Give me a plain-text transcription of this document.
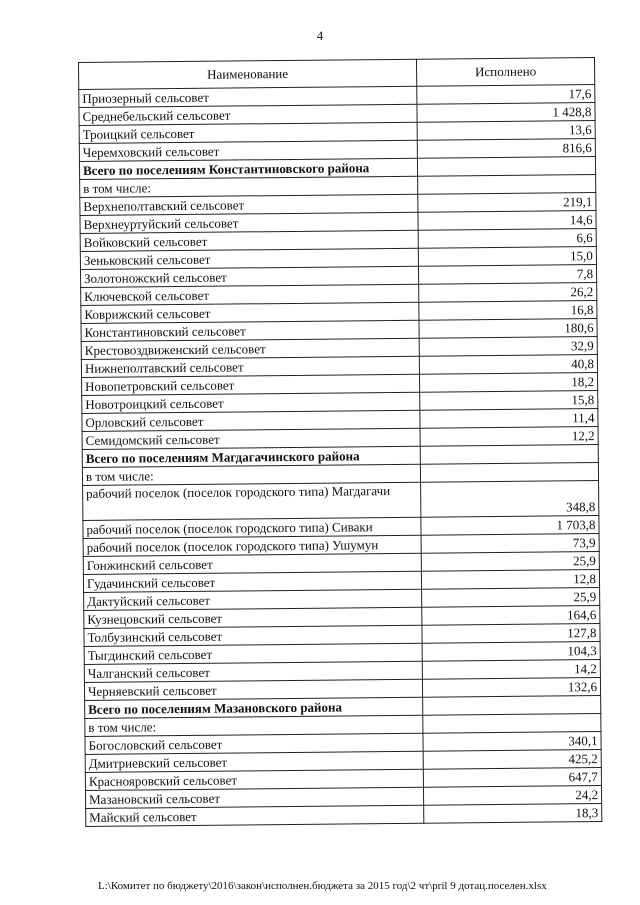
4
Наименование	Исполнено
Приозерный сельсовет	17,6
Среднебельский сельсовет	1 428,8
Троицкий сельсовет	13,6
Черемховский сельсовет	816,6
Всего по поселениям Константиновского района	
в том числе:	
Верхнеполтавский сельсовет	219,1
Верхнеуртуйский сельсовет	14,6
Войковский сельсовет	6,6
Зеньковский сельсовет	15,0
Золотоножский сельсовет	7,8
Ключевской сельсовет	26,2
Коврижский сельсовет	16,8
Константиновский сельсовет	180,6
Крестовоздвиженский сельсовет	32,9
Нижнеполтавский сельсовет	40,8
Новопетровский сельсовет	18,2
Новотроицкий сельсовет	15,8
Орловский сельсовет	11,4
Семидомский сельсовет	12,2
Всего по поселениям Магдагачинского района	
в том числе:	
рабочий поселок (поселок городского типа) Магдагачи	348,8
рабочий поселок (поселок городского типа) Сиваки	1 703,8
рабочий поселок (поселок городского типа) Ушумун	73,9
Гонжинский сельсовет	25,9
Гудачинский сельсовет	12,8
Дактуйский сельсовет	25,9
Кузнецовский сельсовет	164,6
Толбузинский сельсовет	127,8
Тыгдинский сельсовет	104,3
Чалганский сельсовет	14,2
Черняевский сельсовет	132,6
Всего по поселениям Мазановского района	
в том числе:	
Богословский сельсовет	340,1
Дмитриевский сельсовет	425,2
Краснояровский сельсовет	647,7
Мазановский сельсовет	24,2
Майский сельсовет	18,3
L:\Комитет по бюджету\2016\закон\исполнен.бюджета за 2015 год\2 чт\pril 9 дотац.поселен.xlsx
